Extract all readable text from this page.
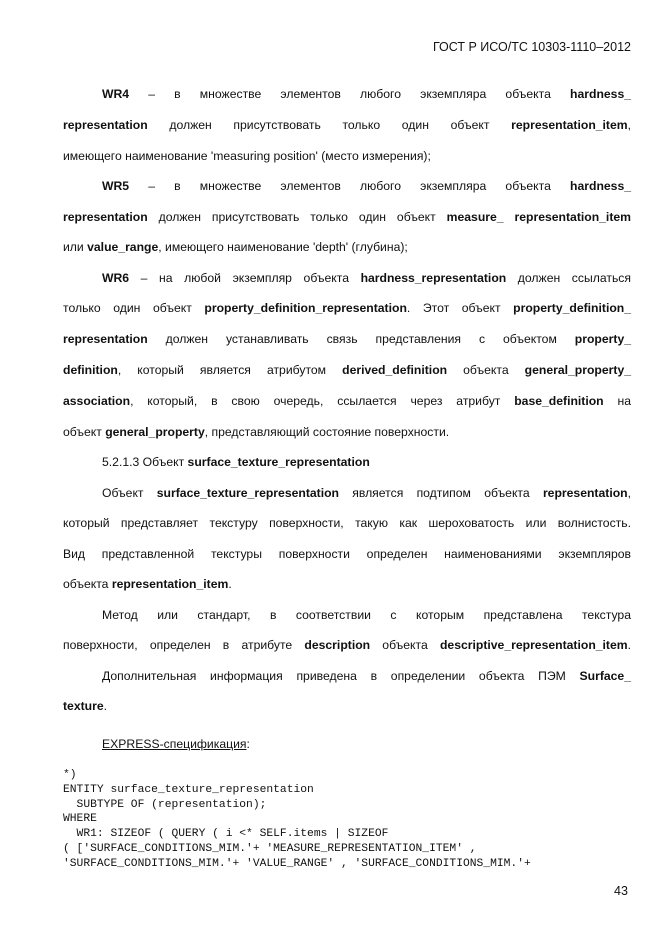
ГОСТ Р ИСО/ТС 10303-1110–2012
WR4 – в множестве элементов любого экземпляра объекта hardness_
representation должен присутствовать только один объект representation_item,
имеющего наименование 'measuring position' (место измерения);
WR5 – в множестве элементов любого экземпляра объекта hardness_
representation должен присутствовать только один объект measure_ representation_item
или value_range, имеющего наименование 'depth' (глубина);
WR6 – на любой экземпляр объекта hardness_representation должен ссылаться
только один объект property_definition_representation. Этот объект property_definition_
representation должен устанавливать связь представления с объектом property_
definition, который является атрибутом derived_definition объекта general_property_
association, который, в свою очередь, ссылается через атрибут base_definition на
объект general_property, представляющий состояние поверхности.
5.2.1.3 Объект surface_texture_representation
Объект surface_texture_representation является подтипом объекта representation,
который представляет текстуру поверхности, такую как шероховатость или волнистость.
Вид представленной текстуры поверхности определен наименованиями экземпляров
объекта representation_item.
Метод или стандарт, в соответствии с которым представлена текстура
поверхности, определен в атрибуте description объекта descriptive_representation_item.
Дополнительная информация приведена в определении объекта ПЭМ Surface_
texture.
EXPRESS-спецификация:
*)
ENTITY surface_texture_representation
SUBTYPE OF (representation);
WHERE
WR1: SIZEOF ( QUERY ( i <* SELF.items | SIZEOF
( ['SURFACE_CONDITIONS_MIM.'+ 'MEASURE_REPRESENTATION_ITEM' ,
'SURFACE_CONDITIONS_MIM.'+ 'VALUE_RANGE' , 'SURFACE_CONDITIONS_MIM.'+
43
